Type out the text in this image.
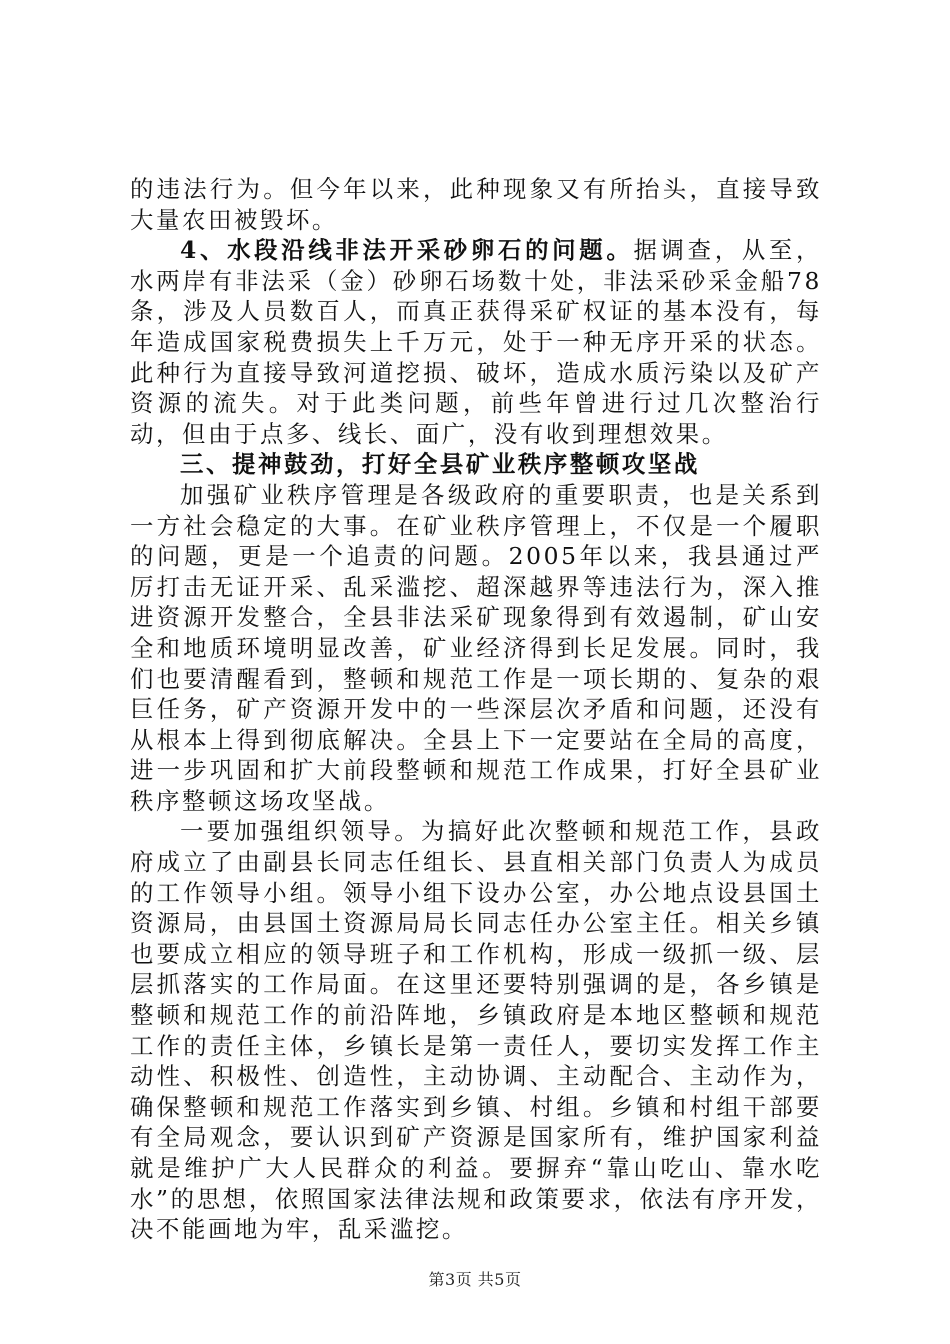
的违法行为。但今年以来，此种现象又有所抬头，直接导致大量农田被毁坏。

4、水段沿线非法开采砂卵石的问题。据调查，从至，水两岸有非法采（金）砂卵石场数十处，非法采砂采金船78条，涉及人员数百人，而真正获得采矿权证的基本没有，每年造成国家税费损失上千万元，处于一种无序开采的状态。此种行为直接导致河道挖损、破坏，造成水质污染以及矿产资源的流失。对于此类问题，前些年曾进行过几次整治行动，但由于点多、线长、面广，没有收到理想效果。

三、提神鼓劲，打好全县矿业秩序整顿攻坚战

加强矿业秩序管理是各级政府的重要职责，也是关系到一方社会稳定的大事。在矿业秩序管理上，不仅是一个履职的问题，更是一个追责的问题。2005年以来，我县通过严厉打击无证开采、乱采滥挖、超深越界等违法行为，深入推进资源开发整合，全县非法采矿现象得到有效遏制，矿山安全和地质环境明显改善，矿业经济得到长足发展。同时，我们也要清醒看到，整顿和规范工作是一项长期的、复杂的艰巨任务，矿产资源开发中的一些深层次矛盾和问题，还没有从根本上得到彻底解决。全县上下一定要站在全局的高度，进一步巩固和扩大前段整顿和规范工作成果，打好全县矿业秩序整顿这场攻坚战。

一要加强组织领导。为搞好此次整顿和规范工作，县政府成立了由副县长同志任组长、县直相关部门负责人为成员的工作领导小组。领导小组下设办公室，办公地点设县国土资源局，由县国土资源局局长同志任办公室主任。相关乡镇也要成立相应的领导班子和工作机构，形成一级抓一级、层层抓落实的工作局面。在这里还要特别强调的是，各乡镇是整顿和规范工作的前沿阵地，乡镇政府是本地区整顿和规范工作的责任主体，乡镇长是第一责任人，要切实发挥工作主动性、积极性、创造性，主动协调、主动配合、主动作为，确保整顿和规范工作落实到乡镇、村组。乡镇和村组干部要有全局观念，要认识到矿产资源是国家所有，维护国家利益就是维护广大人民群众的利益。要摒弃“靠山吃山、靠水吃水”的思想，依照国家法律法规和政策要求，依法有序开发，决不能画地为牢，乱采滥挖。

第3页 共5页
